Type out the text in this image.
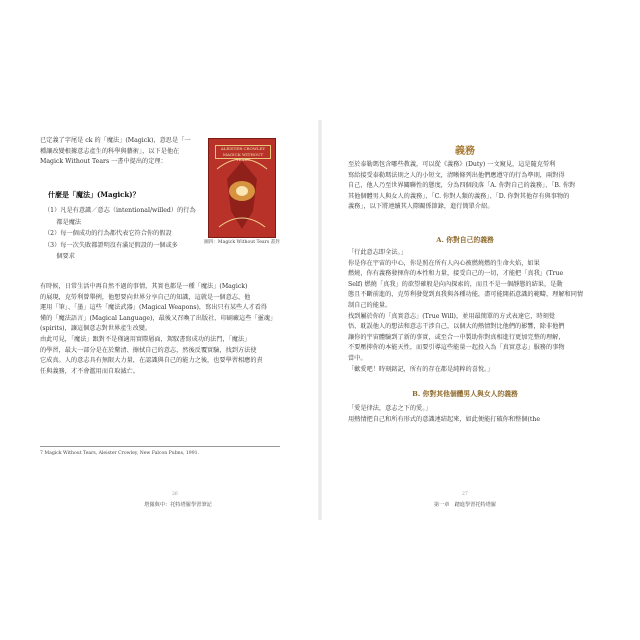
已定義了字尾是 ck 的「魔法」(Magick)，意思是「一
種讓改變根據意志產生的科學與藝術」，以下是他在
Magick Without Tears 一書中提出的定理：
什麼是「魔法」(Magick)？
（1）凡是有意識／意志（intentional/willed）的行為
　　都是魔法
（2）每一個成功的行為都代表它符合你的假設
（3）每一次失敗都證明沒有滿足假設的一個或多
　　個要求
ALEISTER CROWLEY
MAGICK WITHOUT TEARS
圖四：Magick Without Tears 書封
有時候，日常生活中再自然不過的事情，其實也都是一種「魔法」(Magick)
的展現，克勞利曾舉例，他想要向世界分享自己的知識，這就是一個意志，他
運用「筆」、「墨」這些「魔法武器」(Magical Weapons)，寫出只有某些人才看得
懂的「魔法語言」(Magical Language)，最後又召喚了出版社、印刷廠這些「靈魂」
(spirits)，讓這個意志對世界產生改變。
由此可見，「魔法」跟對不是僅適用實際層面，駕馭書寫成功的法門，「魔法」
的學習，最大一部分是在於釐清、擦拭自己的意志，然後反覆實驗，找到方法使
它成真。人的意志具有無限大力量，在認識與自己的能力之後，也要學習相應的責
任與義務，才不會濫用而自取滅亡。
7 Magick Without Tears, Aleister Crowley, New Falcon Pubns, 1991.
26
塔羅與中：托特塔羅學習筆記
義務
至於泰勒瑪包含哪些教義，可以從《義務》(Duty) 一文窺見，這是隨克勞利
寫給接受泰勒瑪法則之人的小短文，清晰條列出他們應遵守的行為準則，兩對得
自己，他人乃至世界關聯性的態度，分為四個段落「A. 你對自己的義務」、「B. 你對
其他個體男人與女人的義務」、「C. 你對人類的義務」、「D. 你對其他存有與事物的
義務」，以下將連續其人際關係節錄，進行簡單介紹。
A. 你對自己的義務
「行此意志即全法。」
你是你在宇宙的中心，你是照在所有人內心被燃燒燃的生命火焰，如果
燃燒，你有義務發揮你的本性和力量，接受自己的一切，才能把「真我」(True
Self) 燃燒「真我」的欲望確般是向內探索的，而且不是一個靜態的結果，是動
態且不斷前進的，克勞利發覺到真我與各種功能，盡可能開拓意識的範疇，理解和同情
制自己的能量。
找到屬於你的「真實意志」(True Will)，並用最簡單的方式表達它，時刻覺
悟，耽誤他人的想法和意志干涉自己，以個大的熱情對比他們的影響，除非他們
讓你的宇宙體驗到了新的事實，或至合一中製助你對真相進行更加完整的理解，
不要壓抑你的本能天性，而要引導這些能量一起投入為「真實意志」服務的事物
當中。
「歡愛吧！時刻銘記，所有的存在都是純粹的喜悅。」
B. 你對其他個體男人與女人的義務
「愛是律法，意志之下的愛。」
用熱情把自己和所有形式的意識連結起來，如此便能打破你和整個(the
27
第一章　踏進學習托特塔羅
